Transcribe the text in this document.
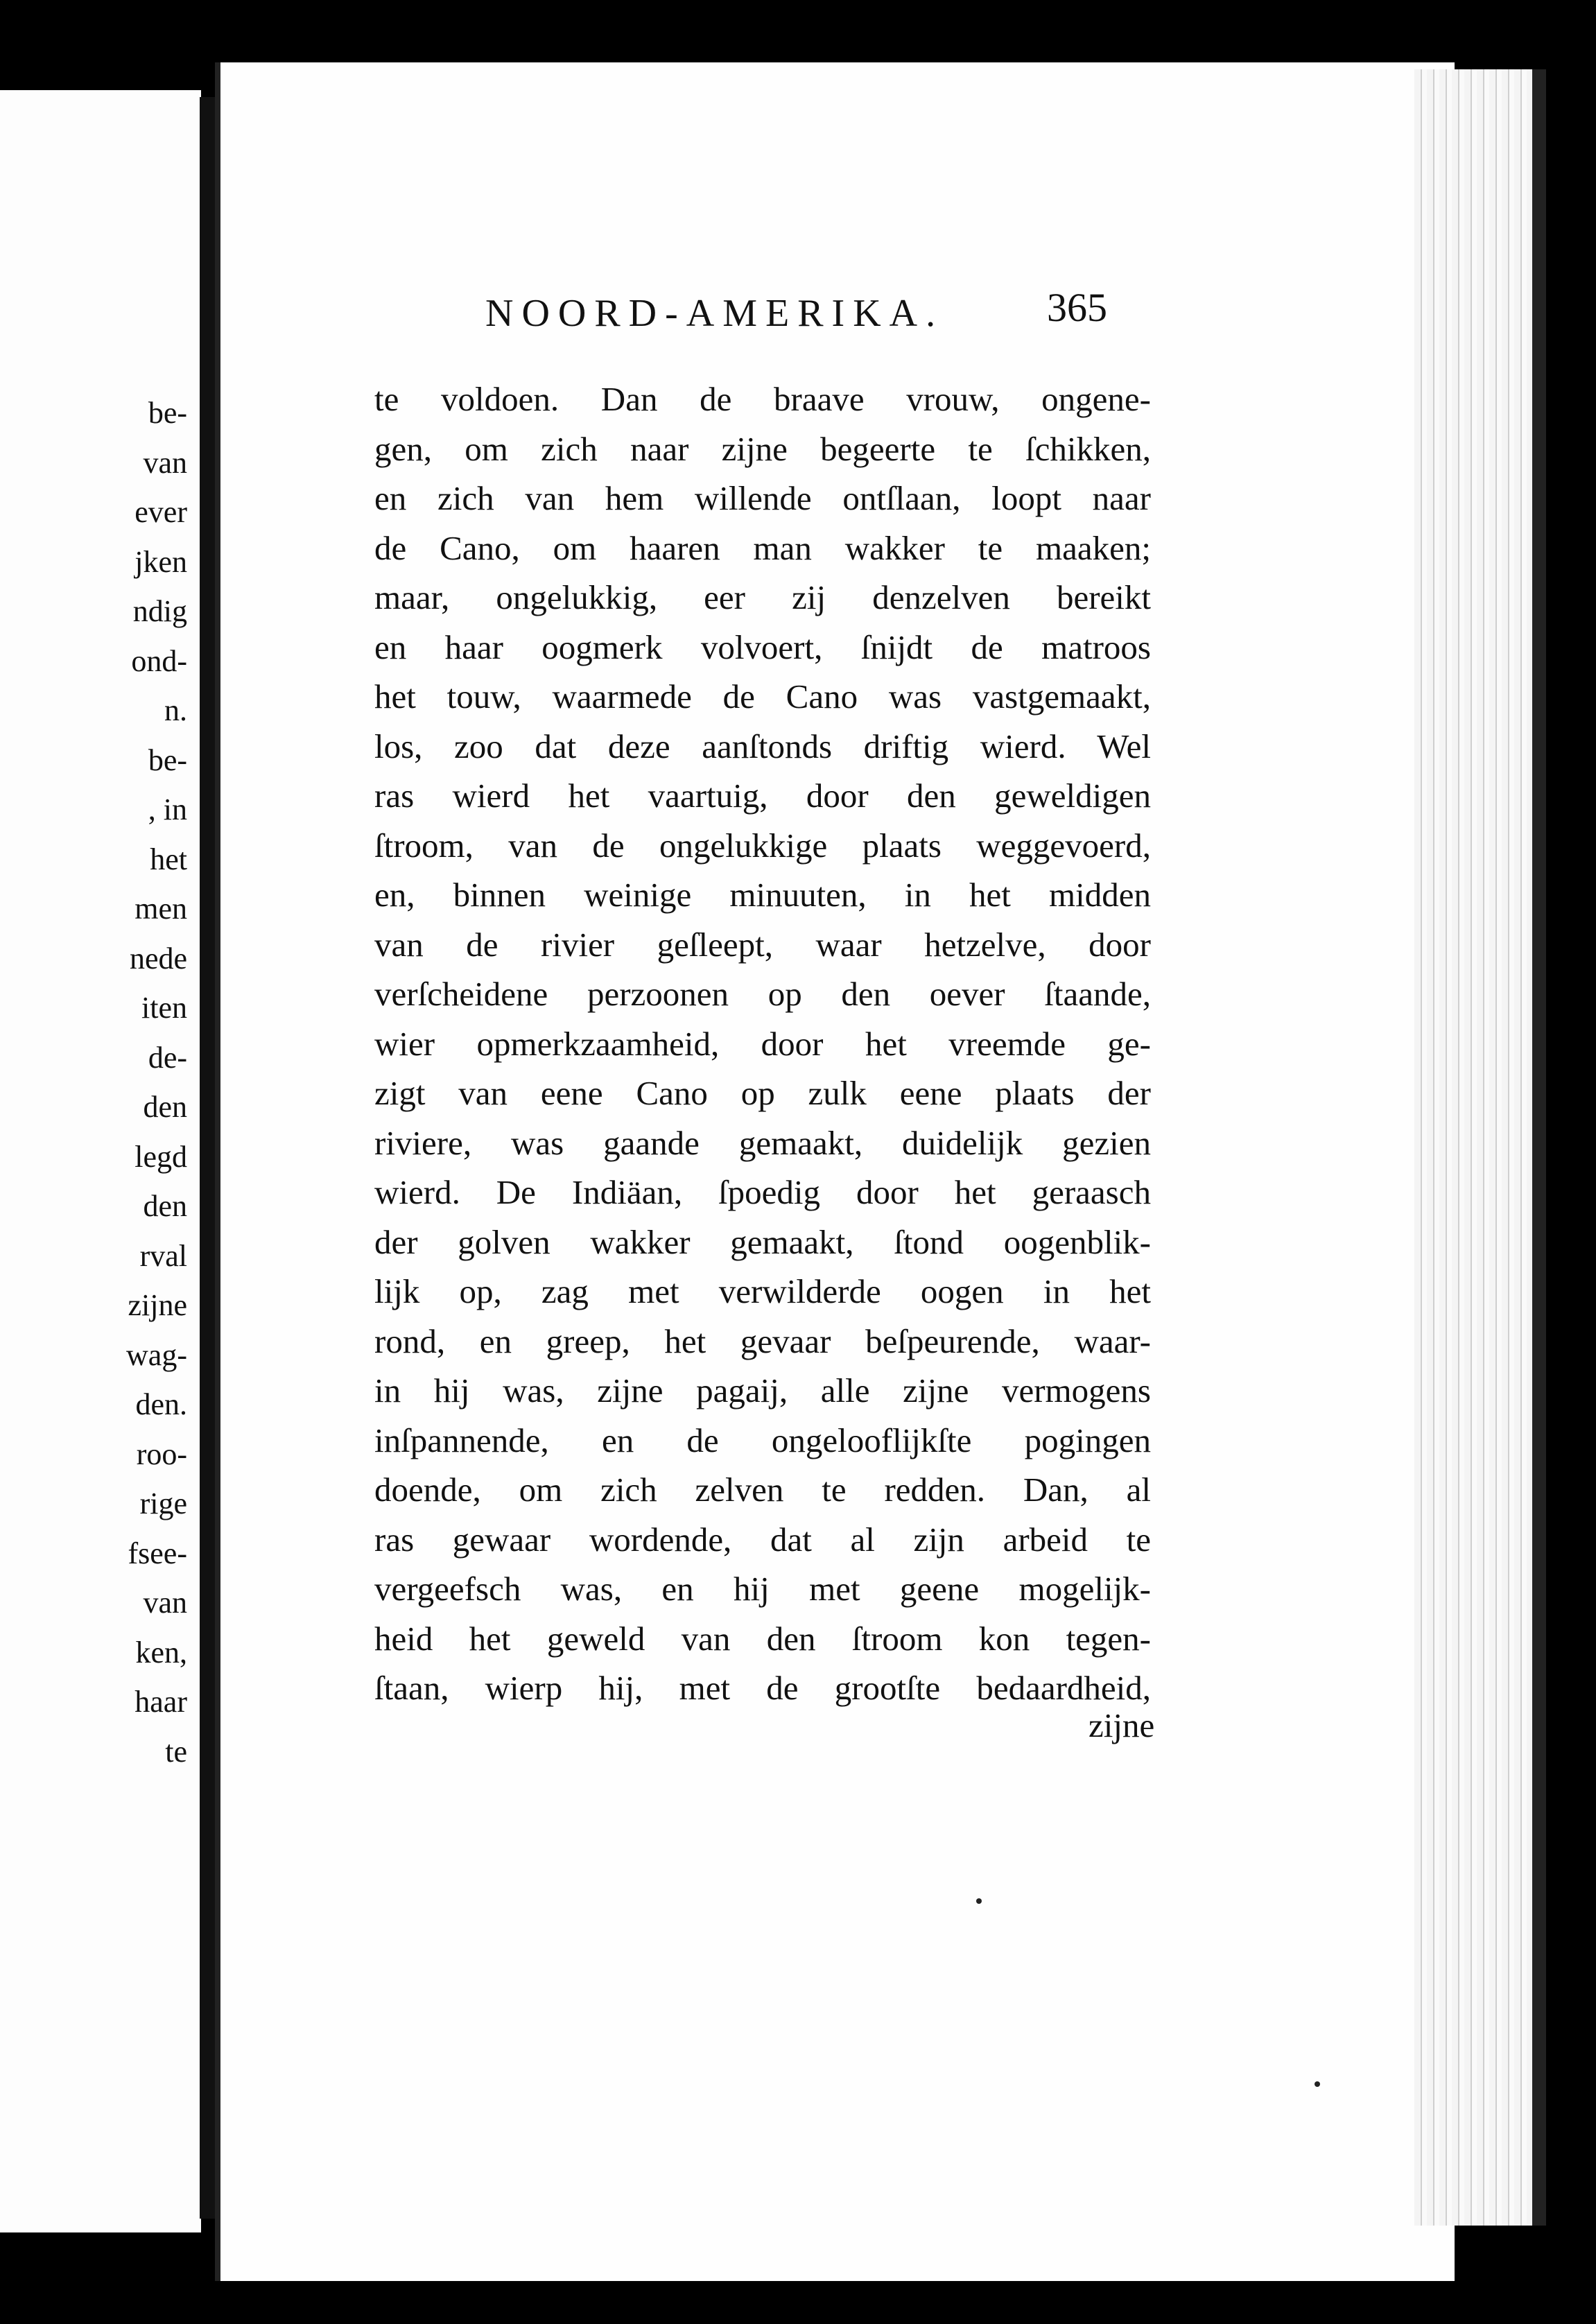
be-
van
ever
jken
ndig
ond-
n.
be-
, in
het
men
nede
iten
de-
den
legd
den
rval
zijne
wag-
den.
roo-
rige
fsee-
van
ken,
haar
te
NOORD-AMERIKA.	365
te voldoen. Dan de braave vrouw, ongene-
gen, om zich naar zijne begeerte te ſchikken,
en zich van hem willende ontſlaan, loopt naar
de Cano, om haaren man wakker te maaken;
maar, ongelukkig, eer zij denzelven bereikt
en haar oogmerk volvoert, ſnijdt de matroos
het touw, waarmede de Cano was vastgemaakt,
los, zoo dat deze aanſtonds driftig wierd. Wel
ras wierd het vaartuig, door den geweldigen
ſtroom, van de ongelukkige plaats weggevoerd,
en, binnen weinige minuuten, in het midden
van de rivier geſleept, waar hetzelve, door
verſcheidene perzoonen op den oever ſtaande,
wier opmerkzaamheid, door het vreemde ge-
zigt van eene Cano op zulk eene plaats der
riviere, was gaande gemaakt, duidelijk gezien
wierd. De Indiäan, ſpoedig door het geraasch
der golven wakker gemaakt, ſtond oogenblik-
lijk op, zag met verwilderde oogen in het
rond, en greep, het gevaar beſpeurende, waar-
in hij was, zijne pagaij, alle zijne vermogens
inſpannende, en de ongelooflijkſte pogingen
doende, om zich zelven te redden. Dan, al
ras gewaar wordende, dat al zijn arbeid te
vergeefsch was, en hij met geene mogelijk-
heid het geweld van den ſtroom kon tegen-
ſtaan, wierp hij, met de grootſte bedaardheid,
zijne
